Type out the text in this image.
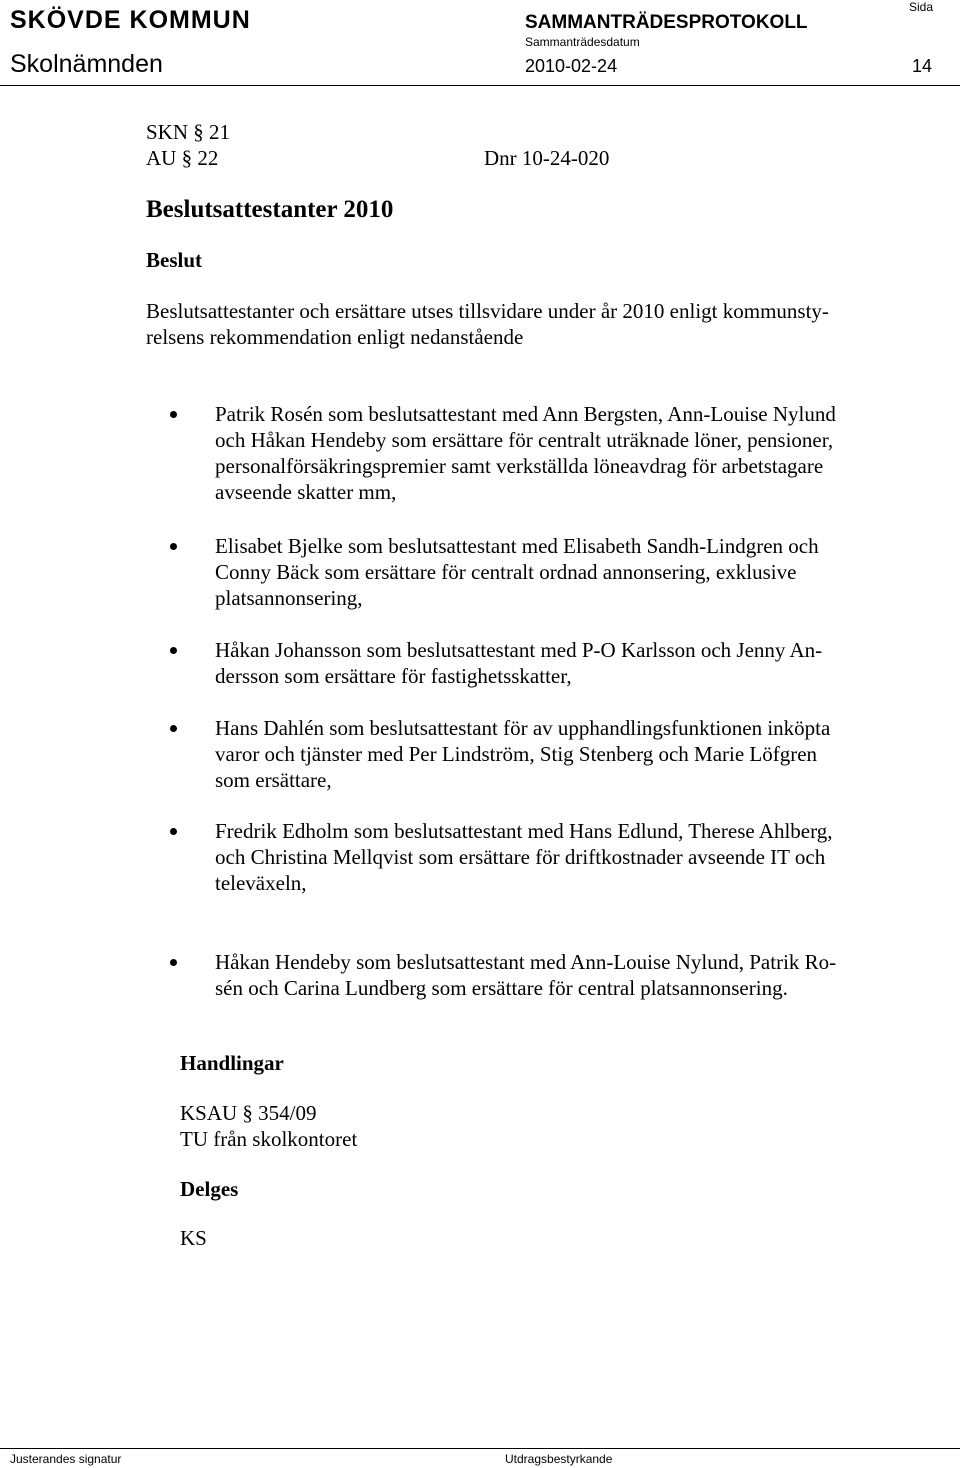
SKÖVDE KOMMUN	SAMMANTRÄDESPROTOKOLL
Sida
Sammanträdesdatum
Skolnämnden	2010-02-24	14
SKN § 21
AU § 22	Dnr 10-24-020
Beslutsattestanter 2010
Beslut
Beslutsattestanter och ersättare utses tillsvidare under år 2010 enligt kommunsty-
relsens rekommendation enligt nedanstående
Patrik Rosén som beslutsattestant med Ann Bergsten, Ann-Louise Nylund
och Håkan Hendeby som ersättare för centralt uträknade löner, pensioner,
personalförsäkringspremier samt verkställda löneavdrag för arbetstagare
avseende skatter mm,
Elisabet Bjelke som beslutsattestant med Elisabeth Sandh-Lindgren och
Conny Bäck som ersättare för centralt ordnad annonsering, exklusive
platsannonsering,
Håkan Johansson som beslutsattestant med P-O Karlsson och Jenny An-
dersson som ersättare för fastighetsskatter,
Hans Dahlén som beslutsattestant för av upphandlingsfunktionen inköpta
varor och tjänster med Per Lindström, Stig Stenberg och Marie Löfgren
som ersättare,
Fredrik Edholm som beslutsattestant med Hans Edlund, Therese Ahlberg,
och Christina Mellqvist som ersättare för driftkostnader avseende IT och
televäxeln,
Håkan Hendeby som beslutsattestant med Ann-Louise Nylund, Patrik Ro-
sén och Carina Lundberg som ersättare för central platsannonsering.
Handlingar
KSAU § 354/09
TU från skolkontoret
Delges
KS
Justerandes signatur	Utdragsbestyrkande
